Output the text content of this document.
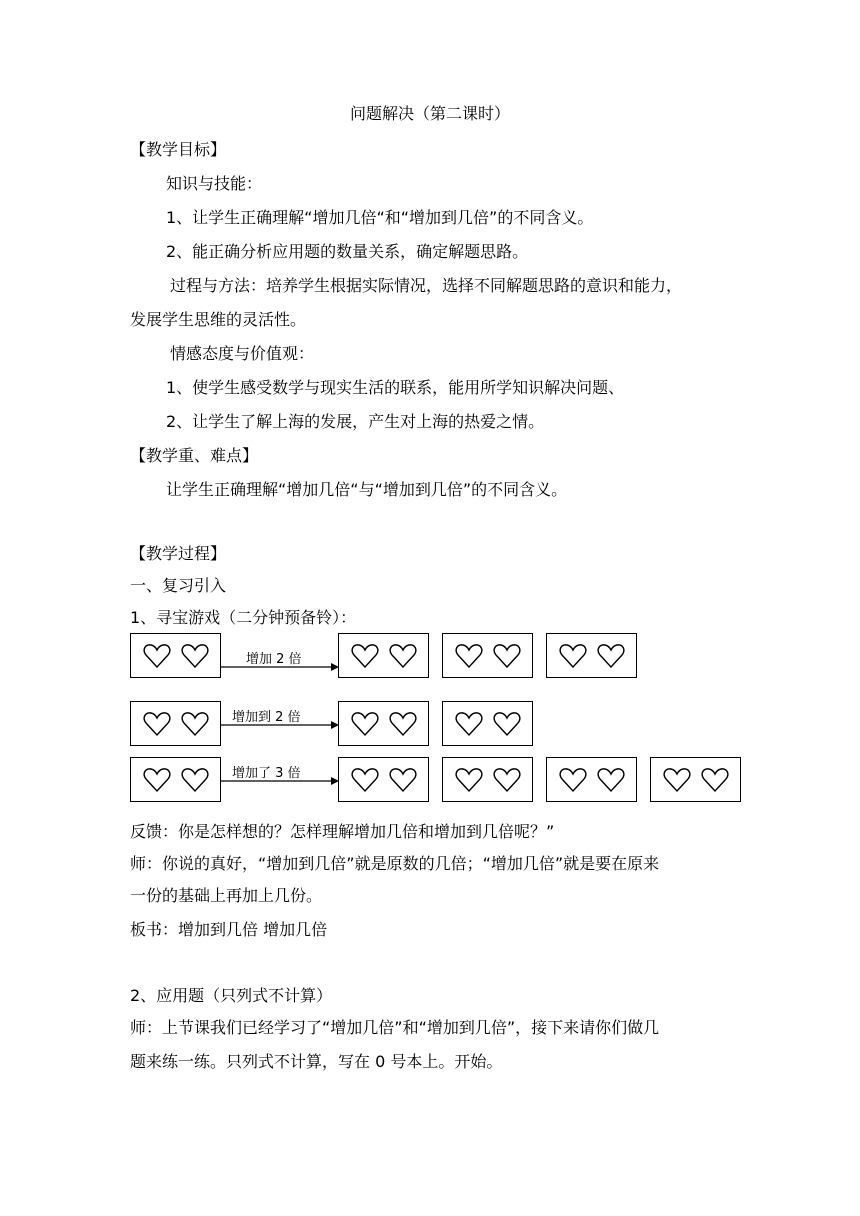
问题解决（第二课时）
【教学目标】
知识与技能：
1、让学生正确理解“增加几倍“和“增加到几倍”的不同含义。
2、能正确分析应用题的数量关系，确定解题思路。
过程与方法：培养学生根据实际情况，选择不同解题思路的意识和能力，
发展学生思维的灵活性。
情感态度与价值观：
1、使学生感受数学与现实生活的联系，能用所学知识解决问题、
2、让学生了解上海的发展，产生对上海的热爱之情。
【教学重、难点】
让学生正确理解“增加几倍“与“增加到几倍”的不同含义。
【教学过程】
一、复习引入
1、寻宝游戏（二分钟预备铃）：
增加 2 倍
增加到 2 倍
增加了 3 倍
反馈：你是怎样想的？怎样理解增加几倍和增加到几倍呢？”
师：你说的真好，“增加到几倍”就是原数的几倍；“增加几倍”就是要在原来
一份的基础上再加上几份。
板书：增加到几倍 增加几倍
2、应用题（只列式不计算）
师：上节课我们已经学习了“增加几倍”和“增加到几倍”，接下来请你们做几
题来练一练。只列式不计算，写在 0 号本上。开始。
